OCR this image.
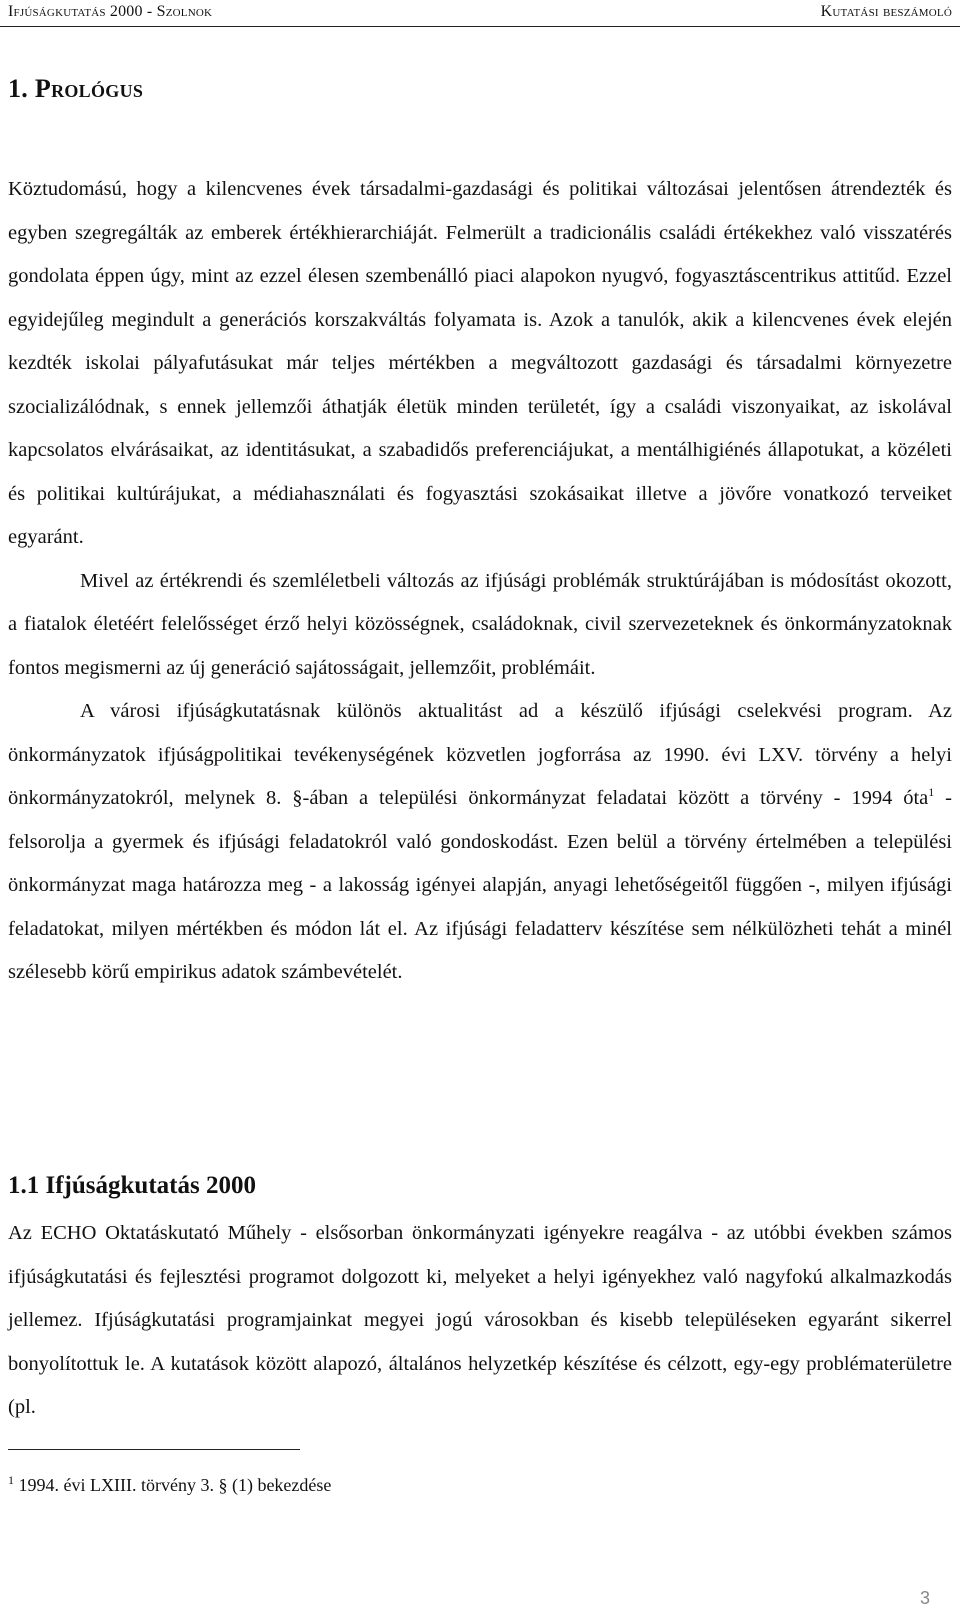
Ifjúságkutatás 2000 - Szolnok	Kutatási beszámoló
1. Prológus

Köztudomású, hogy a kilencvenes évek társadalmi-gazdasági és politikai változásai jelentősen átrendezték és egyben szegregálták az emberek értékhierarchiáját. Felmerült a tradicionális családi értékekhez való visszatérés gondolata éppen úgy, mint az ezzel élesen szembenálló piaci alapokon nyugvó, fogyasztáscentrikus attitűd. Ezzel egyidejűleg megindult a generációs korszakváltás folyamata is. Azok a tanulók, akik a kilencvenes évek elején kezdték iskolai pályafutásukat már teljes mértékben a megváltozott gazdasági és társadalmi környezetre szocializálódnak, s ennek jellemzői áthatják életük minden területét, így a családi viszonyaikat, az iskolával kapcsolatos elvárásaikat, az identitásukat, a szabadidős preferenciájukat, a mentálhigiénés állapotukat, a közéleti és politikai kultúrájukat, a médiahasználati és fogyasztási szokásaikat illetve a jövőre vonatkozó terveiket egyaránt.

Mivel az értékrendi és szemléletbeli változás az ifjúsági problémák struktúrájában is módosítást okozott, a fiatalok életéért felelősséget érző helyi közösségnek, családoknak, civil szervezeteknek és önkormányzatoknak fontos megismerni az új generáció sajátosságait, jellemzőit, problémáit.

A városi ifjúságkutatásnak különös aktualitást ad a készülő ifjúsági cselekvési program. Az önkormányzatok ifjúságpolitikai tevékenységének közvetlen jogforrása az 1990. évi LXV. törvény a helyi önkormányzatokról, melynek 8. §-ában a települési önkormányzat feladatai között a törvény - 1994 óta$^1$ - felsorolja a gyermek és ifjúsági feladatokról való gondoskodást. Ezen belül a törvény értelmében a települési önkormányzat maga határozza meg - a lakosság igényei alapján, anyagi lehetőségeitől függően -, milyen ifjúsági feladatokat, milyen mértékben és módon lát el. Az ifjúsági feladatterv készítése sem nélkülözheti tehát a minél szélesebb körű empirikus adatok számbevételét.

1.1 Ifjúságkutatás 2000

Az ECHO Oktatáskutató Műhely - elsősorban önkormányzati igényekre reagálva - az utóbbi években számos ifjúságkutatási és fejlesztési programot dolgozott ki, melyeket a helyi igényekhez való nagyfokú alkalmazkodás jellemez. Ifjúságkutatási programjainkat megyei jogú városokban és kisebb településeken egyaránt sikerrel bonyolítottuk le. A kutatások között alapozó, általános helyzetkép készítése és célzott, egy-egy problématerületre (pl.

$^1$ 1994. évi LXIII. törvény 3. § (1) bekezdése
3
